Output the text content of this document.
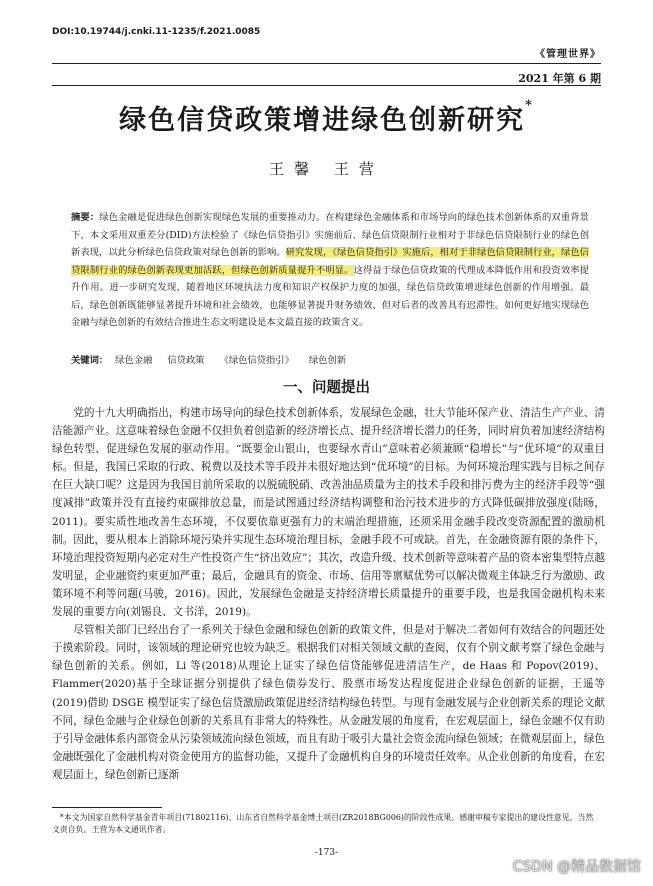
DOI:10.19744/j.cnki.11-1235/f.2021.0085
《管理世界》
2021 年第 6 期
绿色信贷政策增进绿色创新研究*
王馨 王营
摘要：绿色金融是促进绿色创新实现绿色发展的重要推动力。在构建绿色金融体系和市场导向的绿色技术创新体系的双重背景下，本文采用双重差分(DID)方法检验了《绿色信贷指引》实施前后、绿色信贷限制行业相对于非绿色信贷限制行业的绿色创新表现，以此分析绿色信贷政策对绿色创新的影响。研究发现，《绿色信贷指引》实施后，相对于非绿色信贷限制行业，绿色信贷限制行业的绿色创新表现更加活跃，但绿色创新质量提升不明显。这得益于绿色信贷政策的代理成本降低作用和投资效率提升作用。进一步研究发现，随着地区环境执法力度和知识产权保护力度的加强，绿色信贷政策增进绿色创新的作用增强。最后，绿色创新既能够显著提升环境和社会绩效，也能够显著提升财务绩效，但对后者的改善具有迟滞性。如何更好地实现绿色金融与绿色创新的有效结合推进生态文明建设是本文最直接的政策含义。
关键词： 绿色金融 信贷政策 《绿色信贷指引》 绿色创新
一、问题提出

党的十九大明确指出，构建市场导向的绿色技术创新体系，发展绿色金融，壮大节能环保产业、清洁生产产业、清洁能源产业。这意味着绿色金融不仅担负着创造新的经济增长点、提升经济增长潜力的任务，同时肩负着加速经济结构绿色转型、促进绿色发展的驱动作用。“既要金山银山，也要绿水青山”意味着必须兼顾“稳增长”与“优环境”的双重目标。但是，我国已采取的行政、税费以及技术等手段并未很好地达到“优环境”的目标。为何环境治理实践与目标之间存在巨大缺口呢？这是因为我国目前所采取的以脱硫脱硝、改善油品质量为主的技术手段和排污费为主的经济手段等“强度减排”政策并没有直接约束碳排放总量，而是试图通过经济结构调整和治污技术进步的方式降低碳排放强度(陆旸，2011)。要实质性地改善生态环境，不仅要依靠更强有力的末端治理措施，还须采用金融手段改变资源配置的激励机制。因此，要从根本上消除环境污染并实现生态环境治理目标，金融手段不可或缺。首先，在金融资源有限的条件下，环境治理投资短期内必定对生产性投资产生“挤出效应”；其次，改造升级、技术创新等意味着产品的资本密集型特点越发明显，企业融资约束更加严重；最后，金融具有的资金、市场、信用等禀赋优势可以解决微观主体缺乏行为激励、政策环境不利等问题(马骏，2016)。因此，发展绿色金融是支持经济增长质量提升的重要手段，也是我国金融机构未来发展的重要方向(刘锡良、文书洋，2019)。

尽管相关部门已经出台了一系列关于绿色金融和绿色创新的政策文件，但是对于解决二者如何有效结合的问题还处于摸索阶段。同时，该领域的理论研究也较为缺乏。根据我们对相关领域文献的查阅，仅有个别文献考察了绿色金融与绿色创新的关系。例如，Li 等(2018)从理论上证实了绿色信贷能够促进清洁生产，de Haas 和 Popov(2019)、Flammer(2020)基于全球证据分别提供了绿色债券发行、股票市场发达程度促进企业绿色创新的证据，王遥等(2019)借助 DSGE 模型证实了绿色信贷激励政策促进经济结构绿色转型。与现有金融发展与企业创新关系的理论文献不同，绿色金融与企业绿色创新的关系具有非常大的特殊性。从金融发展的角度看，在宏观层面上，绿色金融不仅有助于引导金融体系内部资金从污染领域流向绿色领域，而且有助于吸引大量社会资金流向绿色领域；在微观层面上，绿色金融既强化了金融机构对资金使用方的监督功能，又提升了金融机构自身的环境责任效率。从企业创新的角度看，在宏观层面上，绿色创新已逐渐

*本文为国家自然科学基金青年项目(71802116)、山东省自然科学基金博士项目(ZR2018BG006)的阶段性成果。感谢审稿专家提出的建设性意见。当然文责自负。王营为本文通讯作者。

-173-
CSDN @精品数据馆
